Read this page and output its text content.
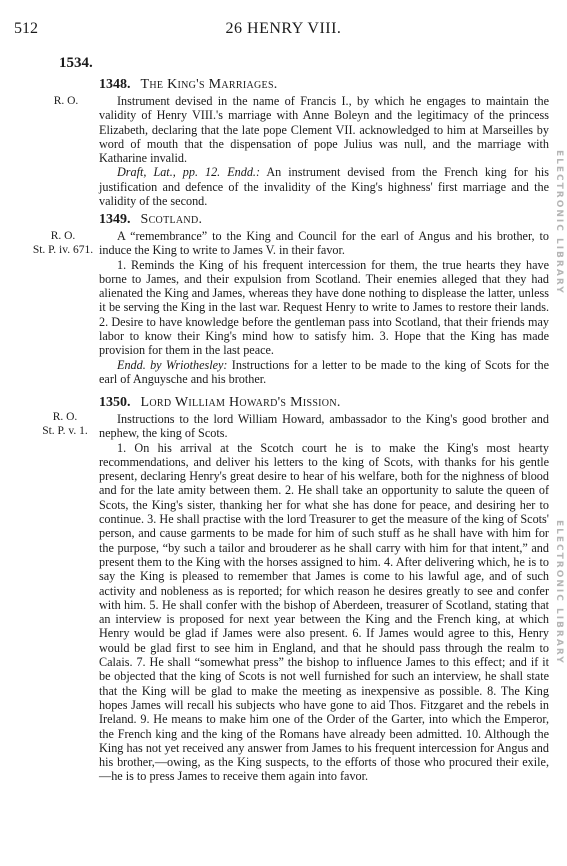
512	26 HENRY VIII.
1534.
R. O.

1348. The King's Marriages.

Instrument devised in the name of Francis I., by which he engages to maintain the validity of Henry VIII.'s marriage with Anne Boleyn and the legitimacy of the princess Elizabeth, declaring that the late pope Clement VII. acknowledged to him at Marseilles by word of mouth that the dispensation of pope Julius was null, and the marriage with Katharine invalid.

Draft, Lat., pp. 12. Endd.: An instrument devised from the French king for his justification and defence of the invalidity of the King's highness' first marriage and the validity of the second.

R. O.
St. P. iv. 671.

1349. Scotland.

A “remembrance” to the King and Council for the earl of Angus and his brother, to induce the King to write to James V. in their favor.

1. Reminds the King of his frequent intercession for them, the true hearts they have borne to James, and their expulsion from Scotland. Their enemies alleged that they had alienated the King and James, whereas they have done nothing to displease the latter, unless it be serving the King in the last war. Request Henry to write to James to restore their lands. 2. Desire to have knowledge before the gentleman pass into Scotland, that their friends may labor to know their King's mind how to satisfy him. 3. Hope that the King has made provision for them in the last peace.

Endd. by Wriothesley: Instructions for a letter to be made to the king of Scots for the earl of Anguysche and his brother.

R. O.
St. P. v. 1.

1350. Lord William Howard's Mission.

Instructions to the lord William Howard, ambassador to the King's good brother and nephew, the king of Scots.

1. On his arrival at the Scotch court he is to make the King's most hearty recommendations, and deliver his letters to the king of Scots, with thanks for his gentle present, declaring Henry's great desire to hear of his welfare, both for the nighness of blood and for the late amity between them. 2. He shall take an opportunity to salute the queen of Scots, the King's sister, thanking her for what she has done for peace, and desiring her to continue. 3. He shall practise with the lord Treasurer to get the measure of the king of Scots' person, and cause garments to be made for him of such stuff as he shall have with him for the purpose, “by such a tailor and brouderer as he shall carry with him for that intent,” and present them to the King with the horses assigned to him. 4. After delivering which, he is to say the King is pleased to remember that James is come to his lawful age, and of such activity and nobleness as is reported; for which reason he desires greatly to see and confer with him. 5. He shall confer with the bishop of Aberdeen, treasurer of Scotland, stating that an interview is proposed for next year between the King and the French king, at which Henry would be glad if James were also present. 6. If James would agree to this, Henry would be glad first to see him in England, and that he should pass through the realm to Calais. 7. He shall “somewhat press” the bishop to influence James to this effect; and if it be objected that the king of Scots is not well furnished for such an interview, he shall state that the King will be glad to make the meeting as inexpensive as possible. 8. The King hopes James will recall his subjects who have gone to aid Thos. Fitzgaret and the rebels in Ireland. 9. He means to make him one of the Order of the Garter, into which the Emperor, the French king and the king of the Romans have already been admitted. 10. Although the King has not yet received any answer from James to his frequent intercession for Angus and his brother,—owing, as the King suspects, to the efforts of those who procured their exile,—he is to press James to receive them again into favor.

ELECTRONIC LIBRARY
ELECTRONIC LIBRARY
